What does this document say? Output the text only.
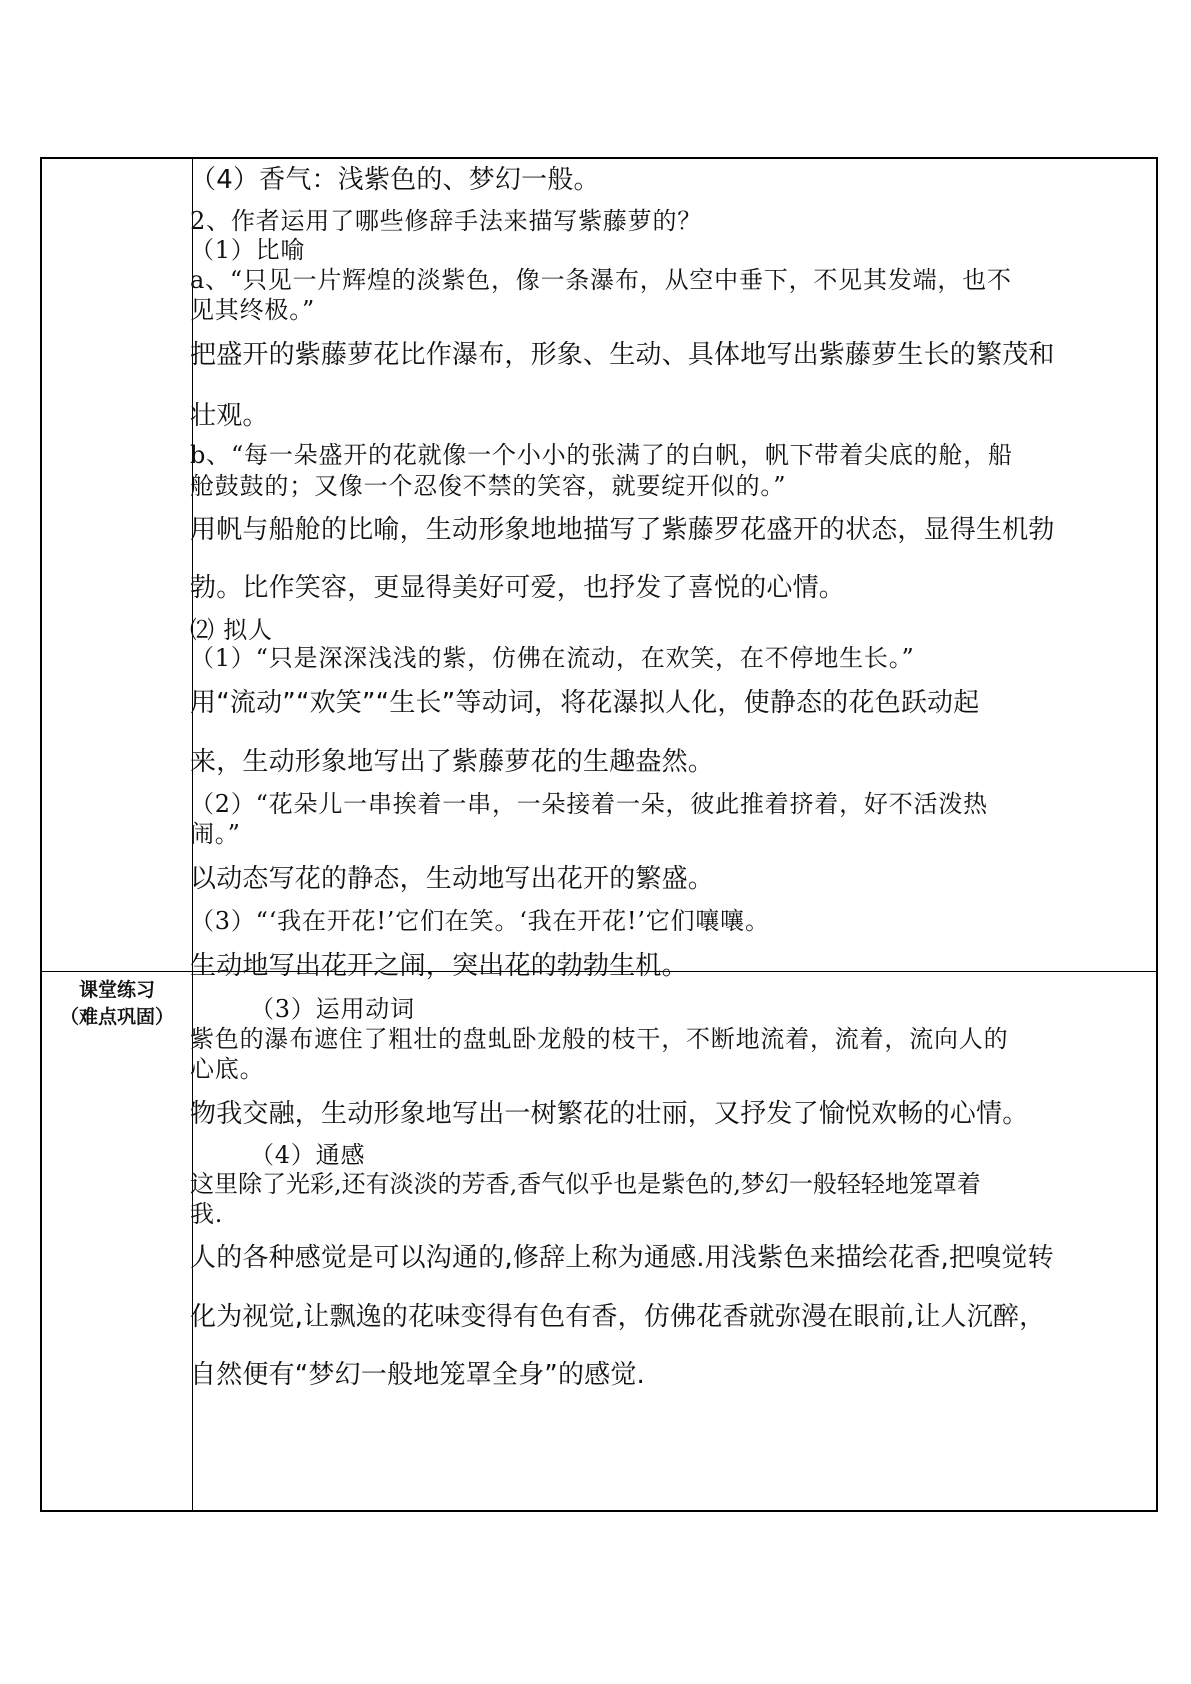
课堂练习
（难点巩固）
（4）香气：浅紫色的、梦幻一般。
2、作者运用了哪些修辞手法来描写紫藤萝的？
（1）比喻
a、“只见一片辉煌的淡紫色，像一条瀑布，从空中垂下，不见其发端，也不
见其终极。”
把盛开的紫藤萝花比作瀑布，形象、生动、具体地写出紫藤萝生长的繁茂和
壮观。
b、“每一朵盛开的花就像一个小小的张满了的白帆，帆下带着尖底的舱，船
舱鼓鼓的；又像一个忍俊不禁的笑容，就要绽开似的。”
用帆与船舱的比喻，生动形象地地描写了紫藤罗花盛开的状态，显得生机勃
勃。比作笑容，更显得美好可爱，也抒发了喜悦的心情。
⑵ 拟人
（1）“只是深深浅浅的紫，仿佛在流动，在欢笑，在不停地生长。”
用“流动”“欢笑”“生长”等动词，将花瀑拟人化，使静态的花色跃动起
来，生动形象地写出了紫藤萝花的生趣盎然。
（2）“花朵儿一串挨着一串，一朵接着一朵，彼此推着挤着，好不活泼热
闹。”
以动态写花的静态，生动地写出花开的繁盛。
（3）“‘我在开花!’它们在笑。‘我在开花!’它们嚷嚷。
生动地写出花开之闹，突出花的勃勃生机。
（3）运用动词
紫色的瀑布遮住了粗壮的盘虬卧龙般的枝干，不断地流着，流着，流向人的
心底。
物我交融，生动形象地写出一树繁花的壮丽，又抒发了愉悦欢畅的心情。
（4）通感
这里除了光彩,还有淡淡的芳香,香气似乎也是紫色的,梦幻一般轻轻地笼罩着
我.
人的各种感觉是可以沟通的,修辞上称为通感.用浅紫色来描绘花香,把嗅觉转
化为视觉,让飘逸的花味变得有色有香，仿佛花香就弥漫在眼前,让人沉醉，
自然便有“梦幻一般地笼罩全身”的感觉.
